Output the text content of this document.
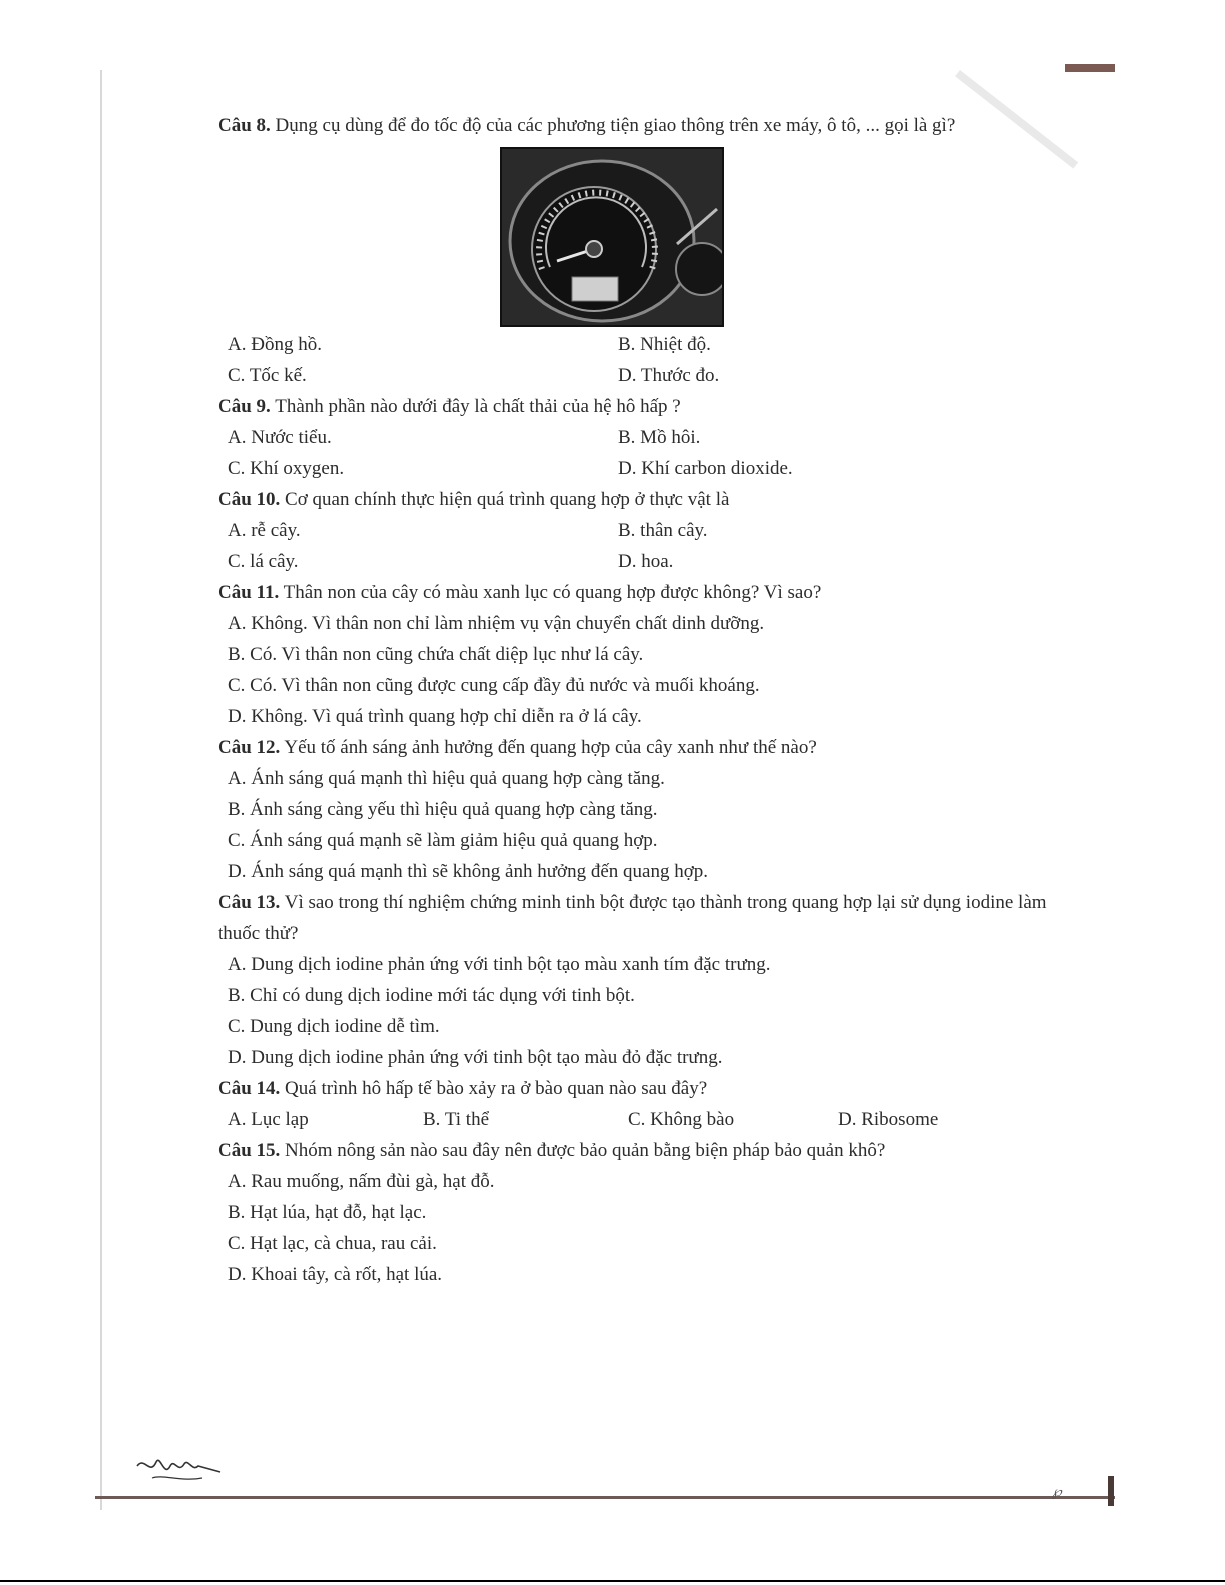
Câu 8. Dụng cụ dùng để đo tốc độ của các phương tiện giao thông trên xe máy, ô tô, ... gọi là gì?

A. Đồng hồ.	B. Nhiệt độ.
C. Tốc kế.	D. Thước đo.

Câu 9. Thành phần nào dưới đây là chất thải của hệ hô hấp ?

A. Nước tiểu.	B. Mồ hôi.
C. Khí oxygen.	D. Khí carbon dioxide.

Câu 10. Cơ quan chính thực hiện quá trình quang hợp ở thực vật là

A. rễ cây.	B. thân cây.
C. lá cây.	D. hoa.

Câu 11. Thân non của cây có màu xanh lục có quang hợp được không? Vì sao?

A. Không. Vì thân non chỉ làm nhiệm vụ vận chuyển chất dinh dưỡng.
B. Có. Vì thân non cũng chứa chất diệp lục như lá cây.
C. Có. Vì thân non cũng được cung cấp đầy đủ nước và muối khoáng.
D. Không. Vì quá trình quang hợp chỉ diễn ra ở lá cây.

Câu 12. Yếu tố ánh sáng ảnh hưởng đến quang hợp của cây xanh như thế nào?

A. Ánh sáng quá mạnh thì hiệu quả quang hợp càng tăng.
B. Ánh sáng càng yếu thì hiệu quả quang hợp càng tăng.
C. Ánh sáng quá mạnh sẽ làm giảm hiệu quả quang hợp.
D. Ánh sáng quá mạnh thì sẽ không ảnh hưởng đến quang hợp.

Câu 13. Vì sao trong thí nghiệm chứng minh tinh bột được tạo thành trong quang hợp lại sử dụng iodine làm thuốc thử?

A. Dung dịch iodine phản ứng với tinh bột tạo màu xanh tím đặc trưng.
B. Chỉ có dung dịch iodine mới tác dụng với tinh bột.
C. Dung dịch iodine dễ tìm.
D. Dung dịch iodine phản ứng với tinh bột tạo màu đỏ đặc trưng.

Câu 14. Quá trình hô hấp tế bào xảy ra ở bào quan nào sau đây?

A. Lục lạp	B. Ti thể	C. Không bào	D. Ribosome

Câu 15. Nhóm nông sản nào sau đây nên được bảo quản bằng biện pháp bảo quản khô?

A. Rau muống, nấm đùi gà, hạt đỗ.
B. Hạt lúa, hạt đỗ, hạt lạc.
C. Hạt lạc, cà chua, rau cải.
D. Khoai tây, cà rốt, hạt lúa.
℘
